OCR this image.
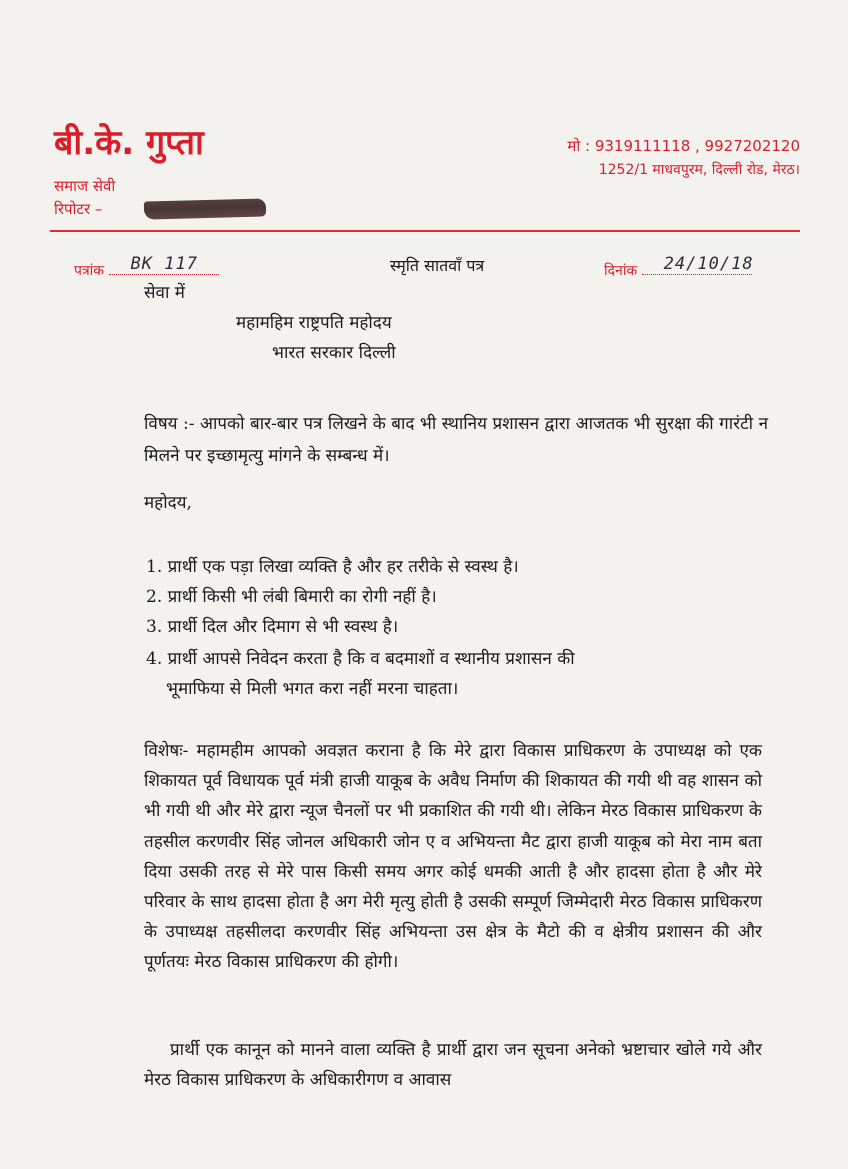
बी.के. गुप्ता
समाज सेवी
रिपोटर –
मो : 9319111118 , 9927202120
1252/1 माधवपुरम, दिल्ली रोड, मेरठ।
पत्रांक BK 117	स्मृति सातवाँ पत्र	दिनांक 24/10/18
सेवा में
महामहिम राष्ट्रपति महोदय
भारत सरकार दिल्ली
विषय :- आपको बार-बार पत्र लिखने के बाद भी स्थानिय प्रशासन द्वारा आजतक भी सुरक्षा की गारंटी न मिलने पर इच्छामृत्यु मांगने के सम्बन्ध में।
महोदय,
1. प्रार्थी एक पड़ा लिखा व्यक्ति है और हर तरीके से स्वस्थ है।
2. प्रार्थी किसी भी लंबी बिमारी का रोगी नहीं है।
3. प्रार्थी दिल और दिमाग से भी स्वस्थ है।
4. प्रार्थी आपसे निवेदन करता है कि व बदमाशों व स्थानीय प्रशासन की
भूमाफिया से मिली भगत करा नहीं मरना चाहता।
विशेषः- महामहीम आपको अवज्ञत कराना है कि मेरे द्वारा विकास प्राधिकरण के उपाध्यक्ष को एक शिकायत पूर्व विधायक पूर्व मंत्री हाजी याकूब के अवैध निर्माण की शिकायत की गयी थी वह शासन को भी गयी थी और मेरे द्वारा न्यूज चैनलों पर भी प्रकाशित की गयी थी। लेकिन मेरठ विकास प्राधिकरण के तहसील करणवीर सिंह जोनल अधिकारी जोन ए व अभियन्ता मैट द्वारा हाजी याकूब को मेरा नाम बता दिया उसकी तरह से मेरे पास किसी समय अगर कोई धमकी आती है और हादसा होता है और मेरे परिवार के साथ हादसा होता है अग मेरी मृत्यु होती है उसकी सम्पूर्ण जिम्मेदारी मेरठ विकास प्राधिकरण के उपाध्यक्ष तहसीलदा करणवीर सिंह अभियन्ता उस क्षेत्र के मैटो की व क्षेत्रीय प्रशासन की और पूर्णतयः मेरठ विकास प्राधिकरण की होगी।
प्रार्थी एक कानून को मानने वाला व्यक्ति है प्रार्थी द्वारा जन सूचना अनेको भ्रष्टाचार खोले गये और मेरठ विकास प्राधिकरण के अधिकारीगण व आवास
